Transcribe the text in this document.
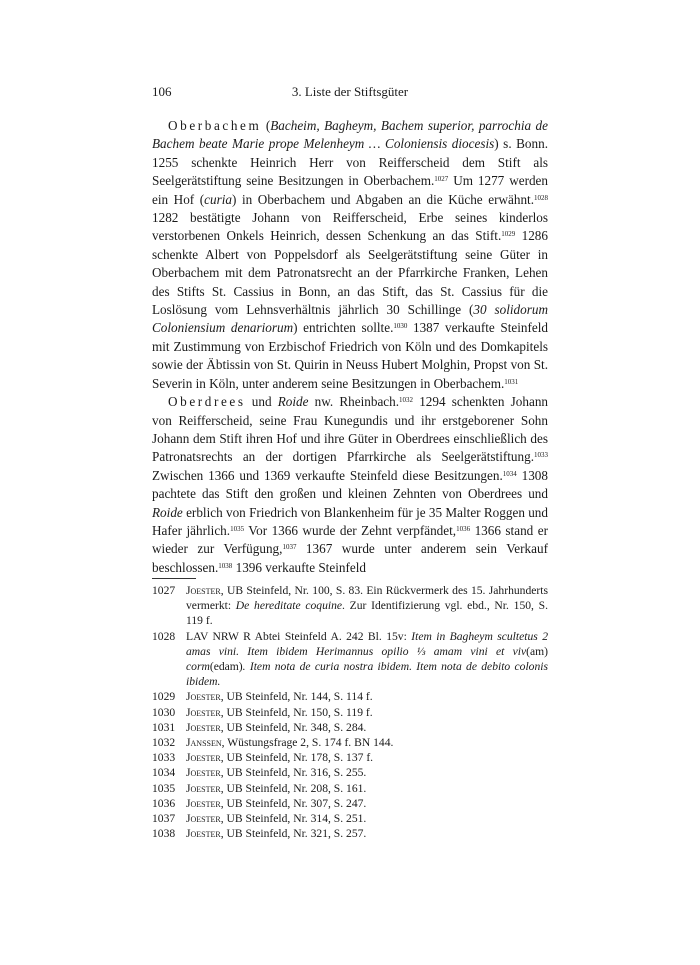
106	3. Liste der Stiftsgüter

Oberbachem (Bacheim, Bagheym, Bachem superior, parrochia de Bachem beate Marie prope Melenheym … Coloniensis diocesis) s. Bonn. 1255 schenkte Heinrich Herr von Reifferscheid dem Stift als Seelgerätstiftung seine Besitzungen in Oberbachem.$^{1027}$ Um 1277 werden ein Hof (curia) in Oberbachem und Abgaben an die Küche erwähnt.$^{1028}$ 1282 bestätigte Johann von Reifferscheid, Erbe seines kinderlos verstorbenen Onkels Heinrich, dessen Schenkung an das Stift.$^{1029}$ 1286 schenkte Albert von Poppelsdorf als Seelgerätstiftung seine Güter in Oberbachem mit dem Patronatsrecht an der Pfarrkirche Franken, Lehen des Stifts St. Cassius in Bonn, an das Stift, das St. Cassius für die Loslösung vom Lehnsverhältnis jährlich 30 Schillinge (30 solidorum Coloniensium denariorum) entrichten sollte.$^{1030}$ 1387 verkaufte Steinfeld mit Zustimmung von Erzbischof Friedrich von Köln und des Domkapitels sowie der Äbtissin von St. Quirin in Neuss Hubert Molghin, Propst von St. Severin in Köln, unter anderem seine Besitzungen in Oberbachem.$^{1031}$

Oberdrees und Roide nw. Rheinbach.$^{1032}$ 1294 schenkten Johann von Reifferscheid, seine Frau Kunegundis und ihr erstgeborener Sohn Johann dem Stift ihren Hof und ihre Güter in Oberdrees einschließlich des Patronatsrechts an der dortigen Pfarrkirche als Seelgerätstiftung.$^{1033}$ Zwischen 1366 und 1369 verkaufte Steinfeld diese Besitzungen.$^{1034}$ 1308 pachtete das Stift den großen und kleinen Zehnten von Oberdrees und Roide erblich von Friedrich von Blankenheim für je 35 Malter Roggen und Hafer jährlich.$^{1035}$ Vor 1366 wurde der Zehnt verpfändet,$^{1036}$ 1366 stand er wieder zur Verfügung,$^{1037}$ 1367 wurde unter anderem sein Verkauf beschlossen.$^{1038}$ 1396 verkaufte Steinfeld

1027 Joester, UB Steinfeld, Nr. 100, S. 83. Ein Rückvermerk des 15. Jahrhunderts vermerkt: De hereditate coquine. Zur Identifizierung vgl. ebd., Nr. 150, S. 119 f.
1028 LAV NRW R Abtei Steinfeld A. 242 Bl. 15v: Item in Bagheym scultetus 2 amas vini. Item ibidem Herimannus opilio ⅓ amam vini et viv(am) corm(edam). Item nota de curia nostra ibidem. Item nota de debito colonis ibidem.
1029 Joester, UB Steinfeld, Nr. 144, S. 114 f.
1030 Joester, UB Steinfeld, Nr. 150, S. 119 f.
1031 Joester, UB Steinfeld, Nr. 348, S. 284.
1032 Janssen, Wüstungsfrage 2, S. 174 f. BN 144.
1033 Joester, UB Steinfeld, Nr. 178, S. 137 f.
1034 Joester, UB Steinfeld, Nr. 316, S. 255.
1035 Joester, UB Steinfeld, Nr. 208, S. 161.
1036 Joester, UB Steinfeld, Nr. 307, S. 247.
1037 Joester, UB Steinfeld, Nr. 314, S. 251.
1038 Joester, UB Steinfeld, Nr. 321, S. 257.
